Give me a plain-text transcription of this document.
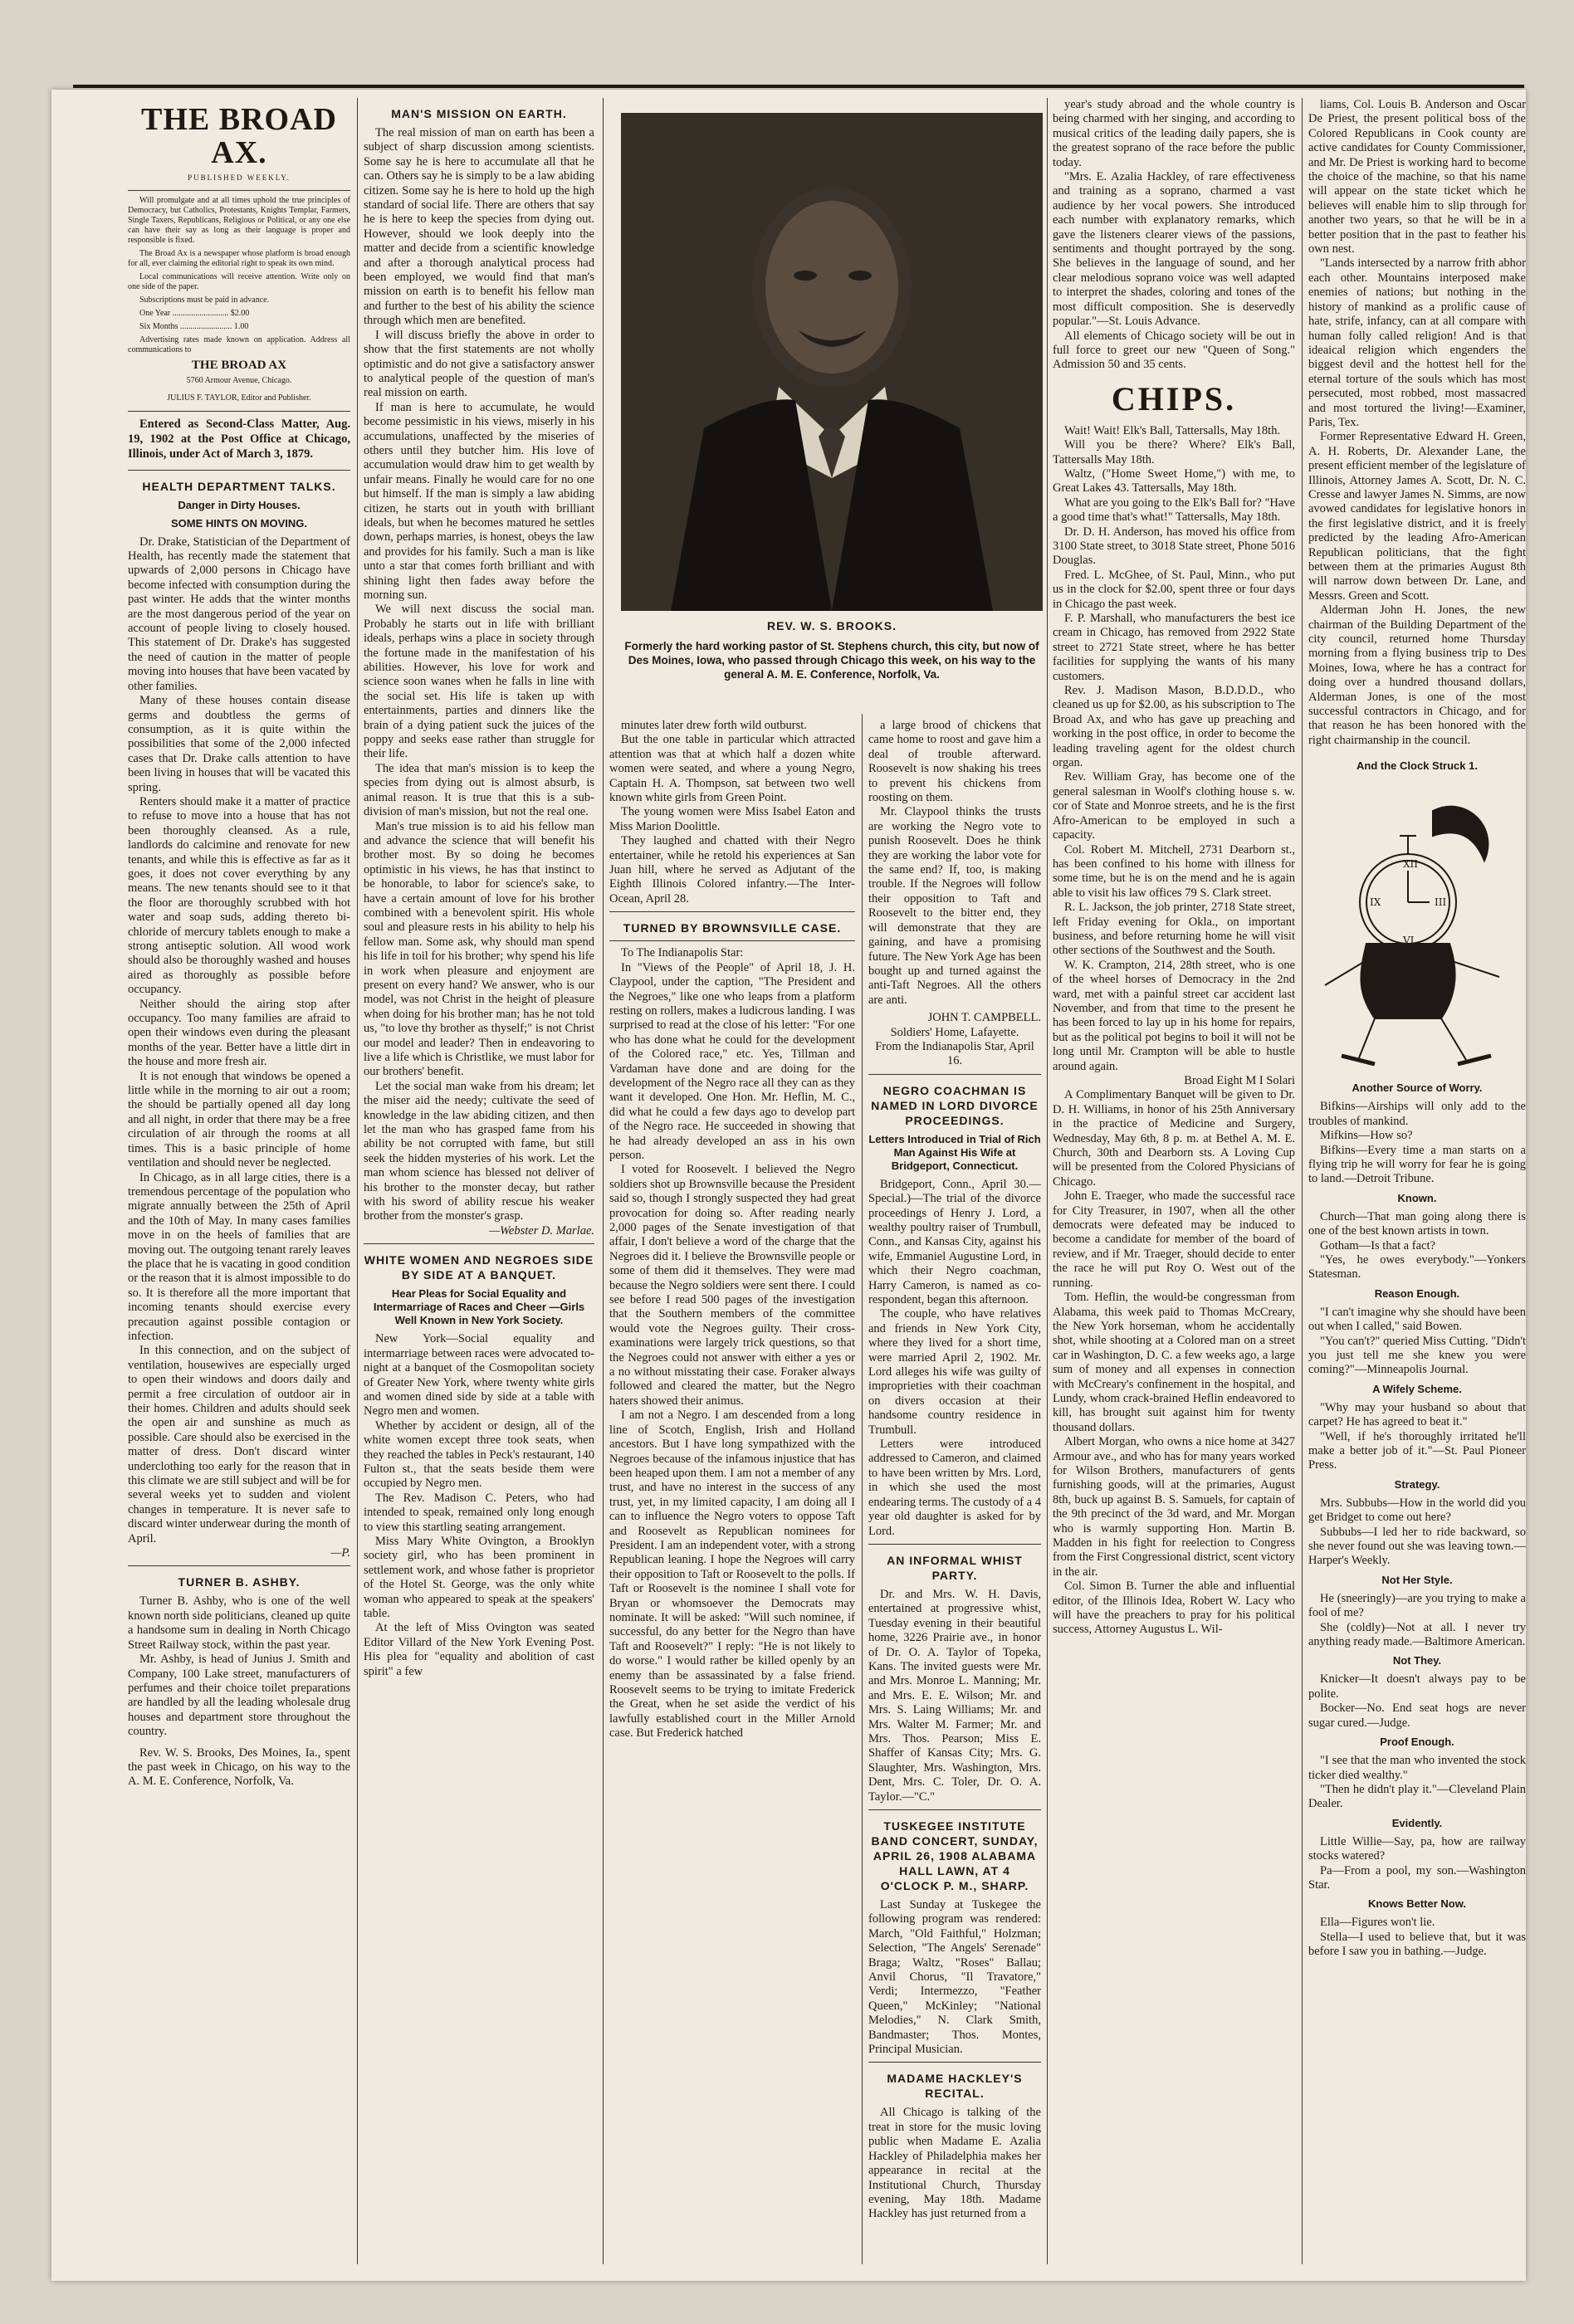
THE BROAD AX.
PUBLISHED WEEKLY.

Will promulgate and at all times uphold the true principles of Democracy, but Catholics, Protestants, Knights Templar, Farmers, Single Taxers, Republicans, Religious or Political, or any one else can have their say as long as their language is proper and responsible is fixed.

The Broad Ax is a newspaper whose platform is broad enough for all, ever claiming the editorial right to speak its own mind.

Local communications will receive attention. Write only on one side of the paper.

Subscriptions must be paid in advance.

One Year ........................... $2.00

Six Months ......................... 1.00

Advertising rates made known on application. Address all communications to

THE BROAD AX
5760 Armour Avenue, Chicago.
JULIUS F. TAYLOR, Editor and Publisher.
Entered as Second-Class Matter, Aug. 19, 1902 at the Post Office at Chicago, Illinois, under Act of March 3, 1879.
HEALTH DEPARTMENT TALKS.
Danger in Dirty Houses.
SOME HINTS ON MOVING.

Dr. Drake, Statistician of the Department of Health, has recently made the statement that upwards of 2,000 persons in Chicago have become infected with consumption during the past winter. He adds that the winter months are the most dangerous period of the year on account of people living to closely housed. This statement of Dr. Drake's has suggested the need of caution in the matter of people moving into houses that have been vacated by other families.

Many of these houses contain disease germs and doubtless the germs of consumption, as it is quite within the possibilities that some of the 2,000 infected cases that Dr. Drake calls attention to have been living in houses that will be vacated this spring.

Renters should make it a matter of practice to refuse to move into a house that has not been thoroughly cleansed. As a rule, landlords do calcimine and renovate for new tenants, and while this is effective as far as it goes, it does not cover everything by any means. The new tenants should see to it that the floor are thoroughly scrubbed with hot water and soap suds, adding thereto bi-chloride of mercury tablets enough to make a strong antiseptic solution. All wood work should also be thoroughly washed and houses aired as thoroughly as possible before occupancy.

Neither should the airing stop after occupancy. Too many families are afraid to open their windows even during the pleasant months of the year. Better have a little dirt in the house and more fresh air.

It is not enough that windows be opened a little while in the morning to air out a room; the should be partially opened all day long and all night, in order that there may be a free circulation of air through the rooms at all times. This is a basic principle of home ventilation and should never be neglected.

In Chicago, as in all large cities, there is a tremendous percentage of the population who migrate annually between the 25th of April and the 10th of May. In many cases families move in on the heels of families that are moving out. The outgoing tenant rarely leaves the place that he is vacating in good condition or the reason that it is almost impossible to do so. It is therefore all the more important that incoming tenants should exercise every precaution against possible contagion or infection.

In this connection, and on the subject of ventilation, housewives are especially urged to open their windows and doors daily and permit a free circulation of outdoor air in their homes. Children and adults should seek the open air and sunshine as much as possible. Care should also be exercised in the matter of dress. Don't discard winter underclothing too early for the reason that in this climate we are still subject and will be for several weeks yet to sudden and violent changes in temperature. It is never safe to discard winter underwear during the month of April.

—P.
TURNER B. ASHBY.

Turner B. Ashby, who is one of the well known north side politicians, cleaned up quite a handsome sum in dealing in North Chicago Street Railway stock, within the past year.

Mr. Ashby, is head of Junius J. Smith and Company, 100 Lake street, manufacturers of perfumes and their choice toilet preparations are handled by all the leading wholesale drug houses and department store throughout the country.

Rev. W. S. Brooks, Des Moines, Ia., spent the past week in Chicago, on his way to the A. M. E. Conference, Norfolk, Va.

MAN'S MISSION ON EARTH.

The real mission of man on earth has been a subject of sharp discussion among scientists. Some say he is here to accumulate all that he can. Others say he is simply to be a law abiding citizen. Some say he is here to hold up the high standard of social life. There are others that say he is here to keep the species from dying out. However, should we look deeply into the matter and decide from a scientific knowledge and after a thorough analytical process had been employed, we would find that man's mission on earth is to benefit his fellow man and further to the best of his ability the science through which men are benefited.

I will discuss briefly the above in order to show that the first statements are not wholly optimistic and do not give a satisfactory answer to analytical people of the question of man's real mission on earth.

If man is here to accumulate, he would become pessimistic in his views, miserly in his accumulations, unaffected by the miseries of others until they butcher him. His love of accumulation would draw him to get wealth by unfair means. Finally he would care for no one but himself. If the man is simply a law abiding citizen, he starts out in youth with brilliant ideals, but when he becomes matured he settles down, perhaps marries, is honest, obeys the law and provides for his family. Such a man is like unto a star that comes forth brilliant and with shining light then fades away before the morning sun.

We will next discuss the social man. Probably he starts out in life with brilliant ideals, perhaps wins a place in society through the fortune made in the manifestation of his abilities. However, his love for work and science soon wanes when he falls in line with the social set. His life is taken up with entertainments, parties and dinners like the brain of a dying patient suck the juices of the poppy and seeks ease rather than struggle for their life.

The idea that man's mission is to keep the species from dying out is almost absurb, is animal reason. It is true that this is a sub-division of man's mission, but not the real one.

Man's true mission is to aid his fellow man and advance the science that will benefit his brother most. By so doing he becomes optimistic in his views, he has that instinct to be honorable, to labor for science's sake, to have a certain amount of love for his brother combined with a benevolent spirit. His whole soul and pleasure rests in his ability to help his fellow man. Some ask, why should man spend his life in toil for his brother; why spend his life in work when pleasure and enjoyment are present on every hand? We answer, who is our model, was not Christ in the height of pleasure when doing for his brother man; has he not told us, "to love thy brother as thyself;" is not Christ our model and leader? Then in endeavoring to live a life which is Christlike, we must labor for our brothers' benefit.

Let the social man wake from his dream; let the miser aid the needy; cultivate the seed of knowledge in the law abiding citizen, and then let the man who has grasped fame from his ability be not corrupted with fame, but still seek the hidden mysteries of his work. Let the man whom science has blessed not deliver of his brother to the monster decay, but rather with his sword of ability rescue his weaker brother from the monster's grasp.

—Webster D. Marlae.
WHITE WOMEN AND NEGROES SIDE BY SIDE AT A BANQUET.
Hear Pleas for Social Equality and Intermarriage of Races and Cheer —Girls Well Known in New York Society.

New York—Social equality and intermarriage between races were advocated to-night at a banquet of the Cosmopolitan society of Greater New York, where twenty white girls and women dined side by side at a table with Negro men and women.

Whether by accident or design, all of the white women except three took seats, when they reached the tables in Peck's restaurant, 140 Fulton st., that the seats beside them were occupied by Negro men.

The Rev. Madison C. Peters, who had intended to speak, remained only long enough to view this startling seating arrangement.

Miss Mary White Ovington, a Brooklyn society girl, who has been prominent in settlement work, and whose father is proprietor of the Hotel St. George, was the only white woman who appeared to speak at the speakers' table.

At the left of Miss Ovington was seated Editor Villard of the New York Evening Post. His plea for "equality and abolition of cast spirit" a few

REV. W. S. BROOKS.
Formerly the hard working pastor of St. Stephens church, this city, but now of Des Moines, Iowa, who passed through Chicago this week, on his way to the general A. M. E. Conference, Norfolk, Va.

minutes later drew forth wild outburst.

But the one table in particular which attracted attention was that at which half a dozen white women were seated, and where a young Negro, Captain H. A. Thompson, sat between two well known white girls from Green Point.

The young women were Miss Isabel Eaton and Miss Marion Doolittle.

They laughed and chatted with their Negro entertainer, while he retold his experiences at San Juan hill, where he served as Adjutant of the Eighth Illinois Colored infantry.—The Inter-Ocean, April 28.

TURNED BY BROWNSVILLE CASE.

To The Indianapolis Star:

In "Views of the People" of April 18, J. H. Claypool, under the caption, "The President and the Negroes," like one who leaps from a platform resting on rollers, makes a ludicrous landing. I was surprised to read at the close of his letter: "For one who has done what he could for the development of the Colored race," etc. Yes, Tillman and Vardaman have done and are doing for the development of the Negro race all they can as they want it developed. One Hon. Mr. Heflin, M. C., did what he could a few days ago to develop part of the Negro race. He succeeded in showing that he had already developed an ass in his own person.

I voted for Roosevelt. I believed the Negro soldiers shot up Brownsville because the President said so, though I strongly suspected they had great provocation for doing so. After reading nearly 2,000 pages of the Senate investigation of that affair, I don't believe a word of the charge that the Negroes did it. I believe the Brownsville people or some of them did it themselves. They were mad because the Negro soldiers were sent there. I could see before I read 500 pages of the investigation that the Southern members of the committee would vote the Negroes guilty. Their cross-examinations were largely trick questions, so that the Negroes could not answer with either a yes or a no without misstating their case. Foraker always followed and cleared the matter, but the Negro haters showed their animus.

I am not a Negro. I am descended from a long line of Scotch, English, Irish and Holland ancestors. But I have long sympathized with the Negroes because of the infamous injustice that has been heaped upon them. I am not a member of any trust, and have no interest in the success of any trust, yet, in my limited capacity, I am doing all I can to influence the Negro voters to oppose Taft and Roosevelt as Republican nominees for President. I am an independent voter, with a strong Republican leaning. I hope the Negroes will carry their opposition to Taft or Roosevelt to the polls. If Taft or Roosevelt is the nominee I shall vote for Bryan or whomsoever the Democrats may nominate. It will be asked: "Will such nominee, if successful, do any better for the Negro than have Taft and Roosevelt?" I reply: "He is not likely to do worse." I would rather be killed openly by an enemy than be assassinated by a false friend. Roosevelt seems to be trying to imitate Frederick the Great, when he set aside the verdict of his lawfully established court in the Miller Arnold case. But Frederick hatched

a large brood of chickens that came home to roost and gave him a deal of trouble afterward. Roosevelt is now shaking his trees to prevent his chickens from roosting on them.

Mr. Claypool thinks the trusts are working the Negro vote to punish Roosevelt. Does he think they are working the labor vote for the same end? If, too, is making trouble. If the Negroes will follow their opposition to Taft and Roosevelt to the bitter end, they will demonstrate that they are gaining, and have a promising future. The New York Age has been bought up and turned against the anti-Taft Negroes. All the others are anti.

JOHN T. CAMPBELL.
Soldiers' Home, Lafayette.
From the Indianapolis Star, April 16.
NEGRO COACHMAN IS NAMED IN LORD DIVORCE PROCEEDINGS.
Letters Introduced in Trial of Rich Man Against His Wife at Bridgeport, Connecticut.

Bridgeport, Conn., April 30.—Special.)—The trial of the divorce proceedings of Henry J. Lord, a wealthy poultry raiser of Trumbull, Conn., and Kansas City, against his wife, Emmaniel Augustine Lord, in which their Negro coachman, Harry Cameron, is named as co-respondent, began this afternoon.

The couple, who have relatives and friends in New York City, where they lived for a short time, were married April 2, 1902. Mr. Lord alleges his wife was guilty of improprieties with their coachman on divers occasion at their handsome country residence in Trumbull.

Letters were introduced addressed to Cameron, and claimed to have been written by Mrs. Lord, in which she used the most endearing terms. The custody of a 4 year old daughter is asked for by Lord.

AN INFORMAL WHIST PARTY.

Dr. and Mrs. W. H. Davis, entertained at progressive whist, Tuesday evening in their beautiful home, 3226 Prairie ave., in honor of Dr. O. A. Taylor of Topeka, Kans. The invited guests were Mr. and Mrs. Monroe L. Manning; Mr. and Mrs. E. E. Wilson; Mr. and Mrs. S. Laing Williams; Mr. and Mrs. Walter M. Farmer; Mr. and Mrs. Thos. Pearson; Miss E. Shaffer of Kansas City; Mrs. G. Slaughter, Mrs. Washington, Mrs. Dent, Mrs. C. Toler, Dr. O. A. Taylor.—"C."

TUSKEGEE INSTITUTE BAND CONCERT, SUNDAY, APRIL 26, 1908 ALABAMA HALL LAWN, AT 4 O'CLOCK P. M., SHARP.

Last Sunday at Tuskegee the following program was rendered: March, "Old Faithful," Holzman; Selection, "The Angels' Serenade" Braga; Waltz, "Roses" Ballau; Anvil Chorus, "Il Travatore," Verdi; Intermezzo, "Feather Queen," McKinley; "National Melodies," N. Clark Smith, Bandmaster; Thos. Montes, Principal Musician.

MADAME HACKLEY'S RECITAL.

All Chicago is talking of the treat in store for the music loving public when Madame E. Azalia Hackley of Philadelphia makes her appearance in recital at the Institutional Church, Thursday evening, May 18th. Madame Hackley has just returned from a

year's study abroad and the whole country is being charmed with her singing, and according to musical critics of the leading daily papers, she is the greatest soprano of the race before the public today.

"Mrs. E. Azalia Hackley, of rare effectiveness and training as a soprano, charmed a vast audience by her vocal powers. She introduced each number with explanatory remarks, which gave the listeners clearer views of the passions, sentiments and thought portrayed by the song. She believes in the language of sound, and her clear melodious soprano voice was well adapted to interpret the shades, coloring and tones of the most difficult composition. She is deservedly popular."—St. Louis Advance.

All elements of Chicago society will be out in full force to greet our new "Queen of Song." Admission 50 and 35 cents.

CHIPS.

Wait! Wait! Elk's Ball, Tattersalls, May 18th.

Will you be there? Where? Elk's Ball, Tattersalls May 18th.

Waltz, ("Home Sweet Home,") with me, to Great Lakes 43. Tattersalls, May 18th.

What are you going to the Elk's Ball for? "Have a good time that's what!" Tattersalls, May 18th.

Dr. D. H. Anderson, has moved his office from 3100 State street, to 3018 State street, Phone 5016 Douglas.

Fred. L. McGhee, of St. Paul, Minn., who put us in the clock for $2.00, spent three or four days in Chicago the past week.

F. P. Marshall, who manufacturers the best ice cream in Chicago, has removed from 2922 State street to 2721 State street, where he has better facilities for supplying the wants of his many customers.

Rev. J. Madison Mason, B.D.D.D., who cleaned us up for $2.00, as his subscription to The Broad Ax, and who has gave up preaching and working in the post office, in order to become the leading traveling agent for the oldest church organ.

Rev. William Gray, has become one of the general salesman in Woolf's clothing house s. w. cor of State and Monroe streets, and he is the first Afro-American to be employed in such a capacity.

Col. Robert M. Mitchell, 2731 Dearborn st., has been confined to his home with illness for some time, but he is on the mend and he is again able to visit his law offices 79 S. Clark street.

R. L. Jackson, the job printer, 2718 State street, left Friday evening for Okla., on important business, and before returning home he will visit other sections of the Southwest and the South.

W. K. Crampton, 214, 28th street, who is one of the wheel horses of Democracy in the 2nd ward, met with a painful street car accident last November, and from that time to the present he has been forced to lay up in his home for repairs, but as the political pot begins to boil it will not be long until Mr. Crampton will be able to hustle around again.

Broad Eight M I Solari

A Complimentary Banquet will be given to Dr. D. H. Williams, in honor of his 25th Anniversary in the practice of Medicine and Surgery, Wednesday, May 6th, 8 p. m. at Bethel A. M. E. Church, 30th and Dearborn sts. A Loving Cup will be presented from the Colored Physicians of Chicago.

John E. Traeger, who made the successful race for City Treasurer, in 1907, when all the other democrats were defeated may be induced to become a candidate for member of the board of review, and if Mr. Traeger, should decide to enter the race he will put Roy O. West out of the running.

Tom. Heflin, the would-be congressman from Alabama, this week paid to Thomas McCreary, the New York horseman, whom he accidentally shot, while shooting at a Colored man on a street car in Washington, D. C. a few weeks ago, a large sum of money and all expenses in connection with McCreary's confinement in the hospital, and Lundy, whom crack-brained Heflin endeavored to kill, has brought suit against him for twenty thousand dollars.

Albert Morgan, who owns a nice home at 3427 Armour ave., and who has for many years worked for Wilson Brothers, manufacturers of gents furnishing goods, will at the primaries, August 8th, buck up against B. S. Samuels, for captain of the 9th precinct of the 3d ward, and Mr. Morgan who is warmly supporting Hon. Martin B. Madden in his fight for reelection to Congress from the First Congressional district, scent victory in the air.

Col. Simon B. Turner the able and influential editor, of the Illinois Idea, Robert W. Lacy who will have the preachers to pray for his political success, Attorney Augustus L. Wil-

liams, Col. Louis B. Anderson and Oscar De Priest, the present political boss of the Colored Republicans in Cook county are active candidates for County Commissioner, and Mr. De Priest is working hard to become the choice of the machine, so that his name will appear on the state ticket which he believes will enable him to slip through for another two years, so that he will be in a better position that in the past to feather his own nest.

"Lands intersected by a narrow frith abhor each other. Mountains interposed make enemies of nations; but nothing in the history of mankind as a prolific cause of hate, strife, infancy, can at all compare with human folly called religion! And is that ideaical religion which engenders the biggest devil and the hottest hell for the eternal torture of the souls which has most persecuted, most robbed, most massacred and most tortured the living!—Examiner, Paris, Tex.

Former Representative Edward H. Green, A. H. Roberts, Dr. Alexander Lane, the present efficient member of the legislature of Illinois, Attorney James A. Scott, Dr. N. C. Cresse and lawyer James N. Simms, are now avowed candidates for legislative honors in the first legislative district, and it is freely predicted by the leading Afro-American Republican politicians, that the fight between them at the primaries August 8th will narrow down between Dr. Lane, and Messrs. Green and Scott.

Alderman John H. Jones, the new chairman of the Building Department of the city council, returned home Thursday morning from a flying business trip to Des Moines, Iowa, where he has a contract for doing over a hundred thousand dollars, Alderman Jones, is one of the most successful contractors in Chicago, and for that reason he has been honored with the right chairmanship in the council.

And the Clock Struck 1.
XII
III
VI
IX
Another Source of Worry.

Bifkins—Airships will only add to the troubles of mankind.

Mifkins—How so?

Bifkins—Every time a man starts on a flying trip he will worry for fear he is going to land.—Detroit Tribune.

Known.

Church—That man going along there is one of the best known artists in town.

Gotham—Is that a fact?

"Yes, he owes everybody."—Yonkers Statesman.

Reason Enough.

"I can't imagine why she should have been out when I called," said Bowen.

"You can't?" queried Miss Cutting. "Didn't you just tell me she knew you were coming?"—Minneapolis Journal.

A Wifely Scheme.

"Why may your husband so about that carpet? He has agreed to beat it."

"Well, if he's thoroughly irritated he'll make a better job of it."—St. Paul Pioneer Press.

Strategy.

Mrs. Subbubs—How in the world did you get Bridget to come out here?

Subbubs—I led her to ride backward, so she never found out she was leaving town.—Harper's Weekly.

Not Her Style.

He (sneeringly)—are you trying to make a fool of me?

She (coldly)—Not at all. I never try anything ready made.—Baltimore American.

Not They.

Knicker—It doesn't always pay to be polite.

Bocker—No. End seat hogs are never sugar cured.—Judge.

Proof Enough.

"I see that the man who invented the stock ticker died wealthy."

"Then he didn't play it."—Cleveland Plain Dealer.

Evidently.

Little Willie—Say, pa, how are railway stocks watered?

Pa—From a pool, my son.—Washington Star.

Knows Better Now.

Ella—Figures won't lie.

Stella—I used to believe that, but it was before I saw you in bathing.—Judge.
